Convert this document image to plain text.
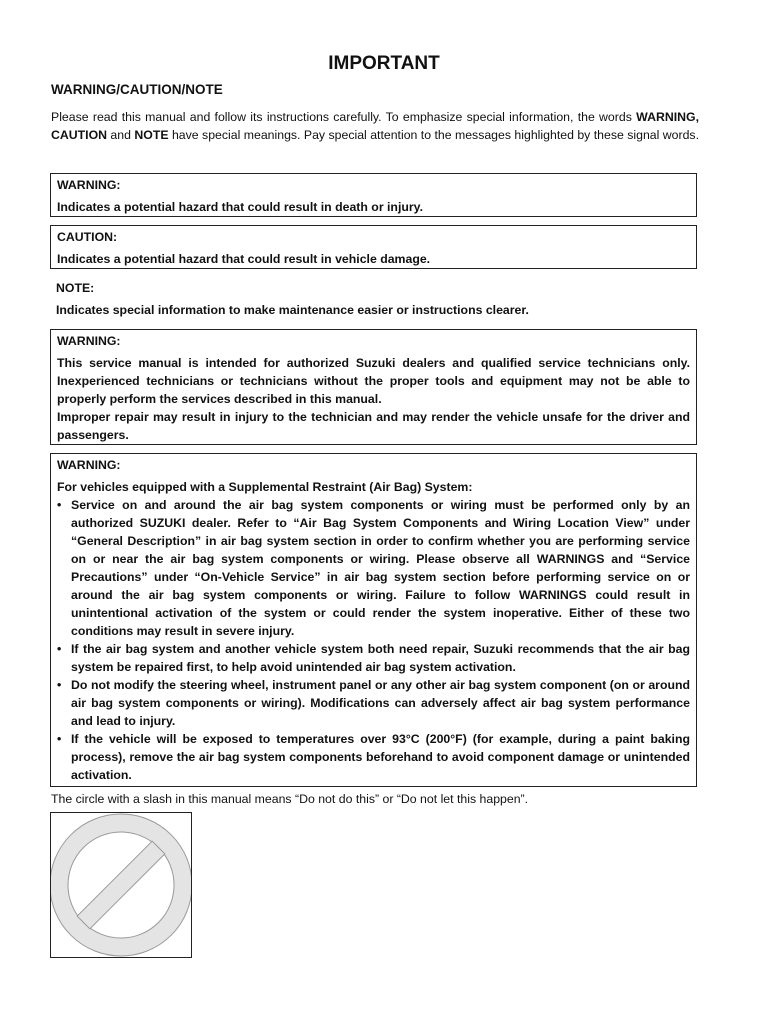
IMPORTANT
WARNING/CAUTION/NOTE

Please read this manual and follow its instructions carefully. To emphasize special information, the words WARNING, CAUTION and NOTE have special meanings. Pay special attention to the messages highlighted by these signal words.

WARNING:

Indicates a potential hazard that could result in death or injury.

CAUTION:

Indicates a potential hazard that could result in vehicle damage.

NOTE:

Indicates special information to make maintenance easier or instructions clearer.

WARNING:

This service manual is intended for authorized Suzuki dealers and qualified service technicians only. Inexperienced technicians or technicians without the proper tools and equipment may not be able to properly perform the services described in this manual.

Improper repair may result in injury to the technician and may render the vehicle unsafe for the driver and passengers.

WARNING:

For vehicles equipped with a Supplemental Restraint (Air Bag) System:

• Service on and around the air bag system components or wiring must be performed only by an authorized SUZUKI dealer. Refer to “Air Bag System Components and Wiring Location View” under “General Description” in air bag system section in order to confirm whether you are performing service on or near the air bag system components or wiring. Please observe all WARNINGS and “Service Precautions” under “On-Vehicle Service” in air bag system section before performing service on or around the air bag system components or wiring. Failure to follow WARNINGS could result in unintentional activation of the system or could render the system inoperative. Either of these two conditions may result in severe injury.
• If the air bag system and another vehicle system both need repair, Suzuki recommends that the air bag system be repaired first, to help avoid unintended air bag system activation.
• Do not modify the steering wheel, instrument panel or any other air bag system component (on or around air bag system components or wiring). Modifications can adversely affect air bag system performance and lead to injury.
• If the vehicle will be exposed to temperatures over 93°C (200°F) (for example, during a paint baking process), remove the air bag system components beforehand to avoid component damage or unintended activation.

The circle with a slash in this manual means “Do not do this” or “Do not let this happen”.
